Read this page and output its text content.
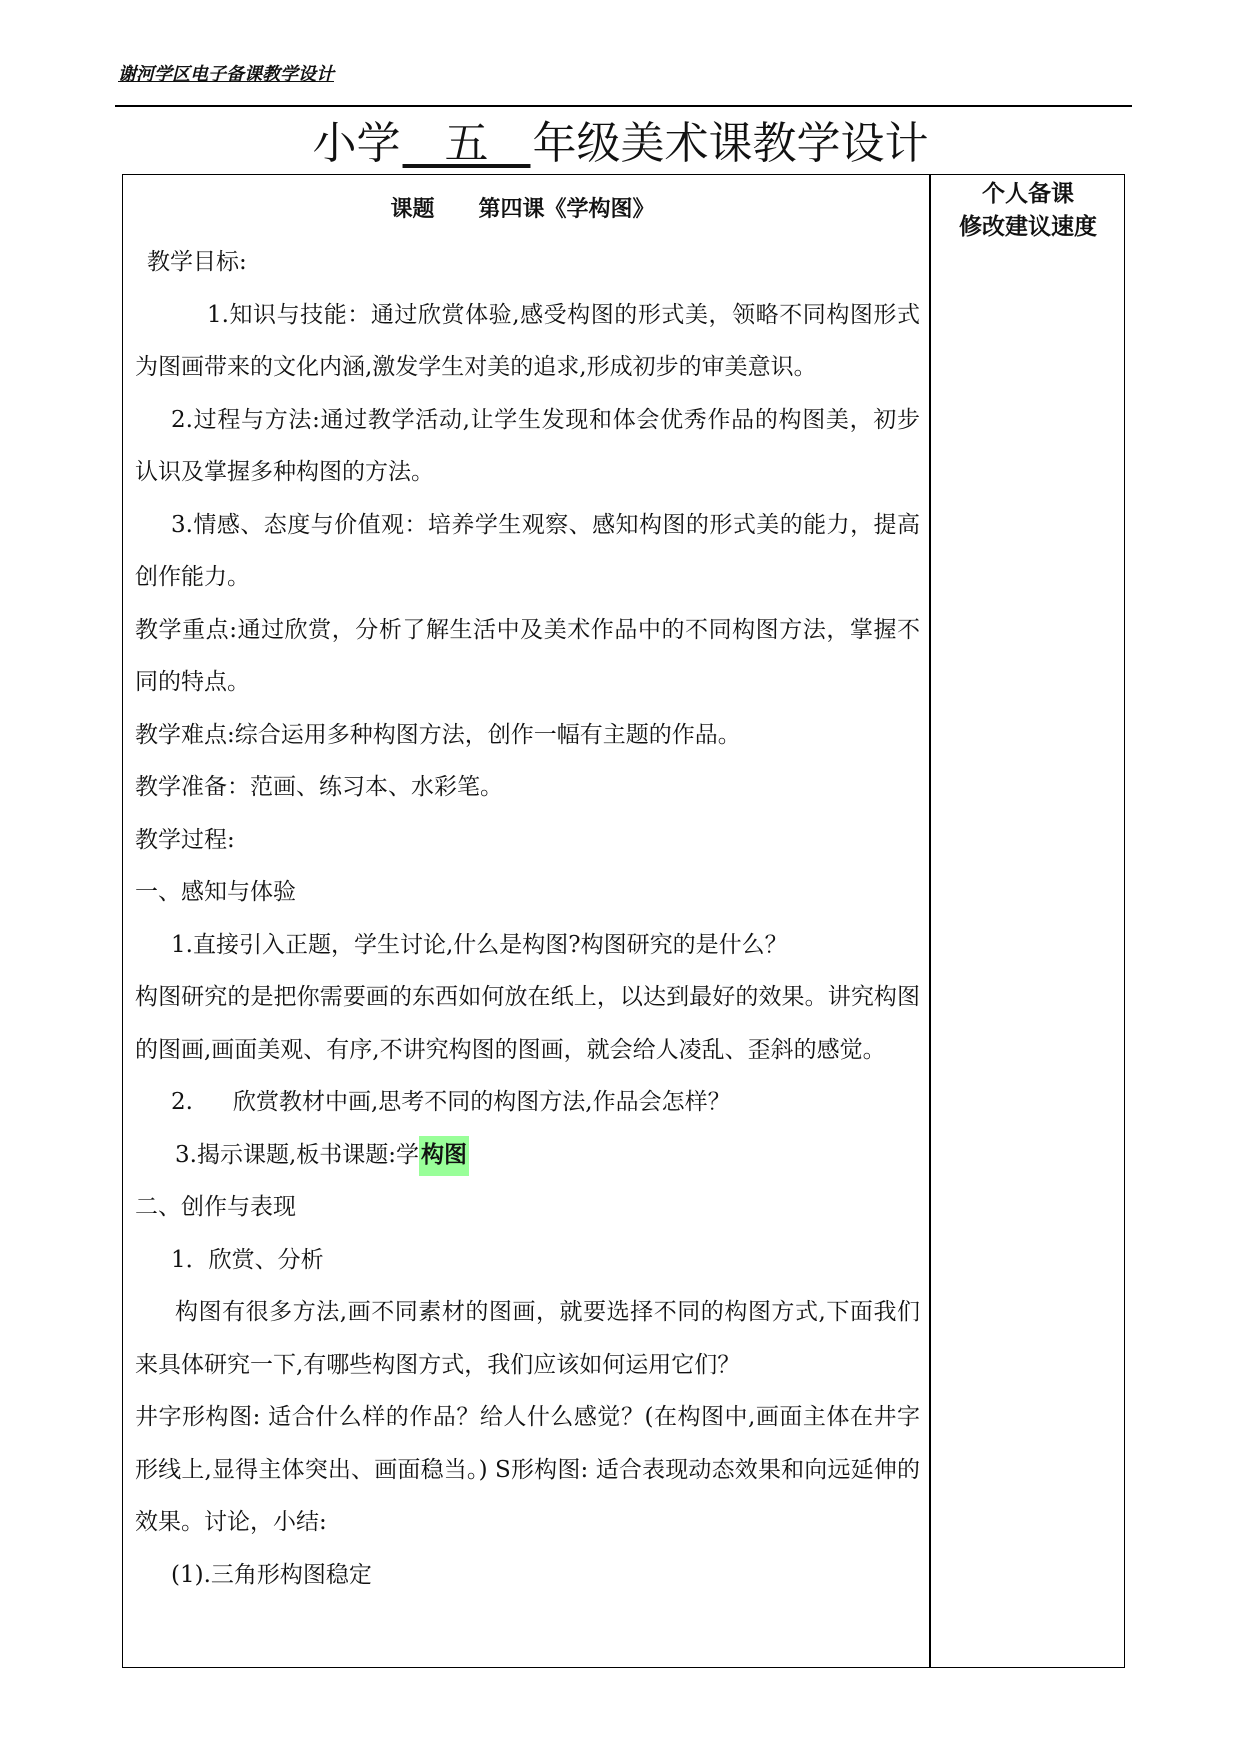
谢河学区电子备课教学设计
小学 五 年级美术课教学设计
个人备课
修改建议速度
课题 第四课《学构图》

教学目标:

1.知识与技能：通过欣赏体验,感受构图的形式美，领略不同构图形式为图画带来的文化内涵,激发学生对美的追求,形成初步的审美意识。

2.过程与方法:通过教学活动,让学生发现和体会优秀作品的构图美，初步认识及掌握多种构图的方法。

3.情感、态度与价值观：培养学生观察、感知构图的形式美的能力，提高创作能力。

教学重点:通过欣赏，分析了解生活中及美术作品中的不同构图方法，掌握不同的特点。

教学难点:综合运用多种构图方法，创作一幅有主题的作品。

教学准备：范画、练习本、水彩笔。

教学过程:

一、感知与体验

1.直接引入正题，学生讨论,什么是构图?构图研究的是什么？

构图研究的是把你需要画的东西如何放在纸上，以达到最好的效果。讲究构图的图画,画面美观、有序,不讲究构图的图画，就会给人凌乱、歪斜的感觉。

2. 欣赏教材中画,思考不同的构图方法,作品会怎样？

3.揭示课题,板书课题:学构图

二、创作与表现

1．欣赏、分析

构图有很多方法,画不同素材的图画，就要选择不同的构图方式,下面我们来具体研究一下,有哪些构图方式，我们应该如何运用它们？

井字形构图: 适合什么样的作品？给人什么感觉？(在构图中,画面主体在井字形线上,显得主体突出、画面稳当。) S形构图: 适合表现动态效果和向远延伸的效果。讨论，小结:

(1).三角形构图稳定
